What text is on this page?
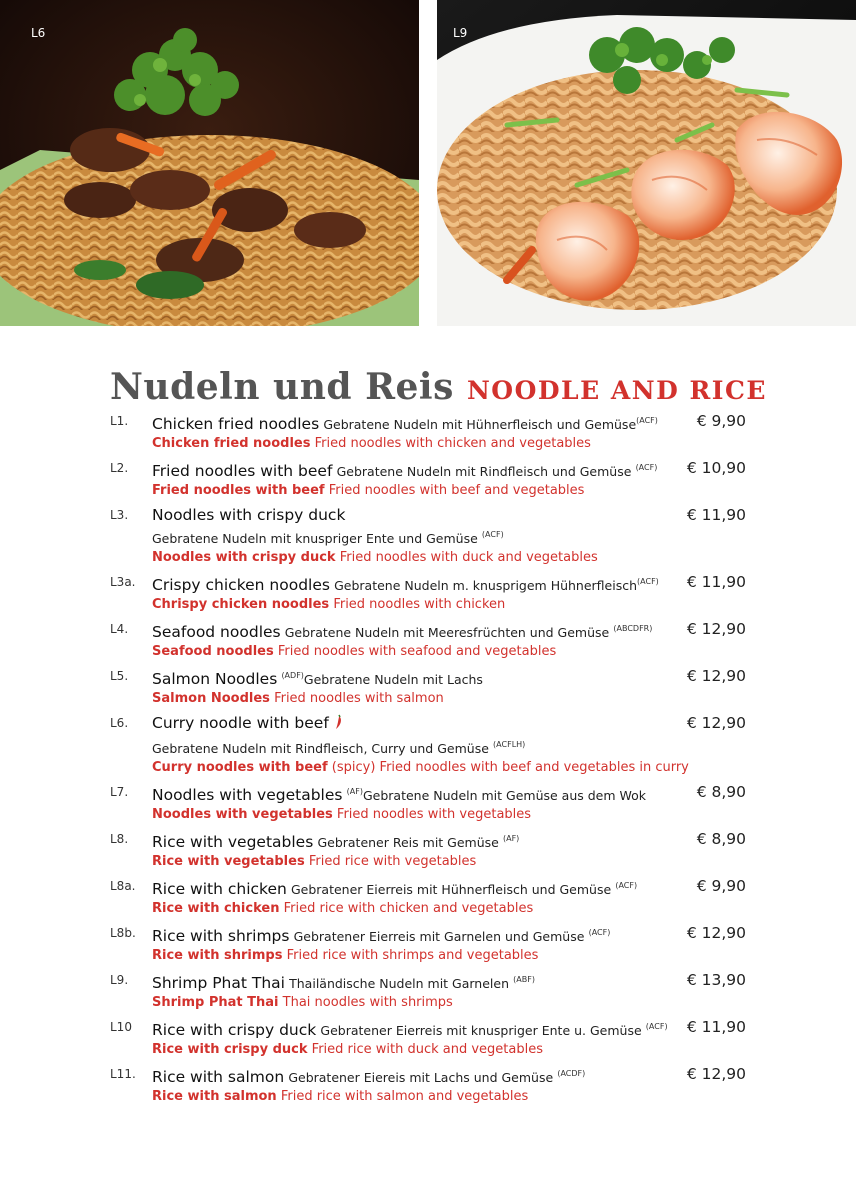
L6	L9
Nudeln und Reis NOODLE AND RICE
L1. Chicken fried noodles Gebratene Nudeln mit Hühnerfleisch und Gemüse$^{(ACF)}$
Chicken fried noodles Fried noodles with chicken and vegetables
€ 9,90
L2. Fried noodles with beef Gebratene Nudeln mit Rindfleisch und Gemüse $^{(ACF)}$
Fried noodles with beef Fried noodles with beef and vegetables
€ 10,90
L3. Noodles with crispy duck
Gebratene Nudeln mit knuspriger Ente und Gemüse $^{(ACF)}$
Noodles with crispy duck Fried noodles with duck and vegetables
€ 11,90
L3a. Crispy chicken noodles Gebratene Nudeln m. knusprigem Hühnerfleisch$^{(ACF)}$
Chrispy chicken noodles Fried noodles with chicken
€ 11,90
L4. Seafood noodles Gebratene Nudeln mit Meeresfrüchten und Gemüse $^{(ABCDFR)}$
Seafood noodles Fried noodles with seafood and vegetables
€ 12,90
L5. Salmon Noodles $^{(ADF)}$Gebratene Nudeln mit Lachs
Salmon Noodles Fried noodles with salmon
€ 12,90
L6. Curry noodle with beef
Gebratene Nudeln mit Rindfleisch, Curry und Gemüse $^{(ACFLH)}$
Curry noodles with beef (spicy) Fried noodles with beef and vegetables in curry
€ 12,90
L7. Noodles with vegetables $^{(AF)}$Gebratene Nudeln mit Gemüse aus dem Wok
Noodles with vegetables Fried noodles with vegetables
€ 8,90
L8. Rice with vegetables Gebratener Reis mit Gemüse $^{(AF)}$
Rice with vegetables Fried rice with vegetables
€ 8,90
L8a. Rice with chicken Gebratener Eierreis mit Hühnerfleisch und Gemüse $^{(ACF)}$
Rice with chicken Fried rice with chicken and vegetables
€ 9,90
L8b. Rice with shrimps Gebratener Eierreis mit Garnelen und Gemüse $^{(ACF)}$
Rice with shrimps Fried rice with shrimps and vegetables
€ 12,90
L9. Shrimp Phat Thai Thailändische Nudeln mit Garnelen $^{(ABF)}$
Shrimp Phat Thai Thai noodles with shrimps
€ 13,90
L10 Rice with crispy duck Gebratener Eierreis mit knuspriger Ente u. Gemüse $^{(ACF)}$
Rice with crispy duck Fried rice with duck and vegetables
€ 11,90
L11. Rice with salmon Gebratener Eiereis mit Lachs und Gemüse $^{(ACDF)}$
Rice with salmon Fried rice with salmon and vegetables
€ 12,90
